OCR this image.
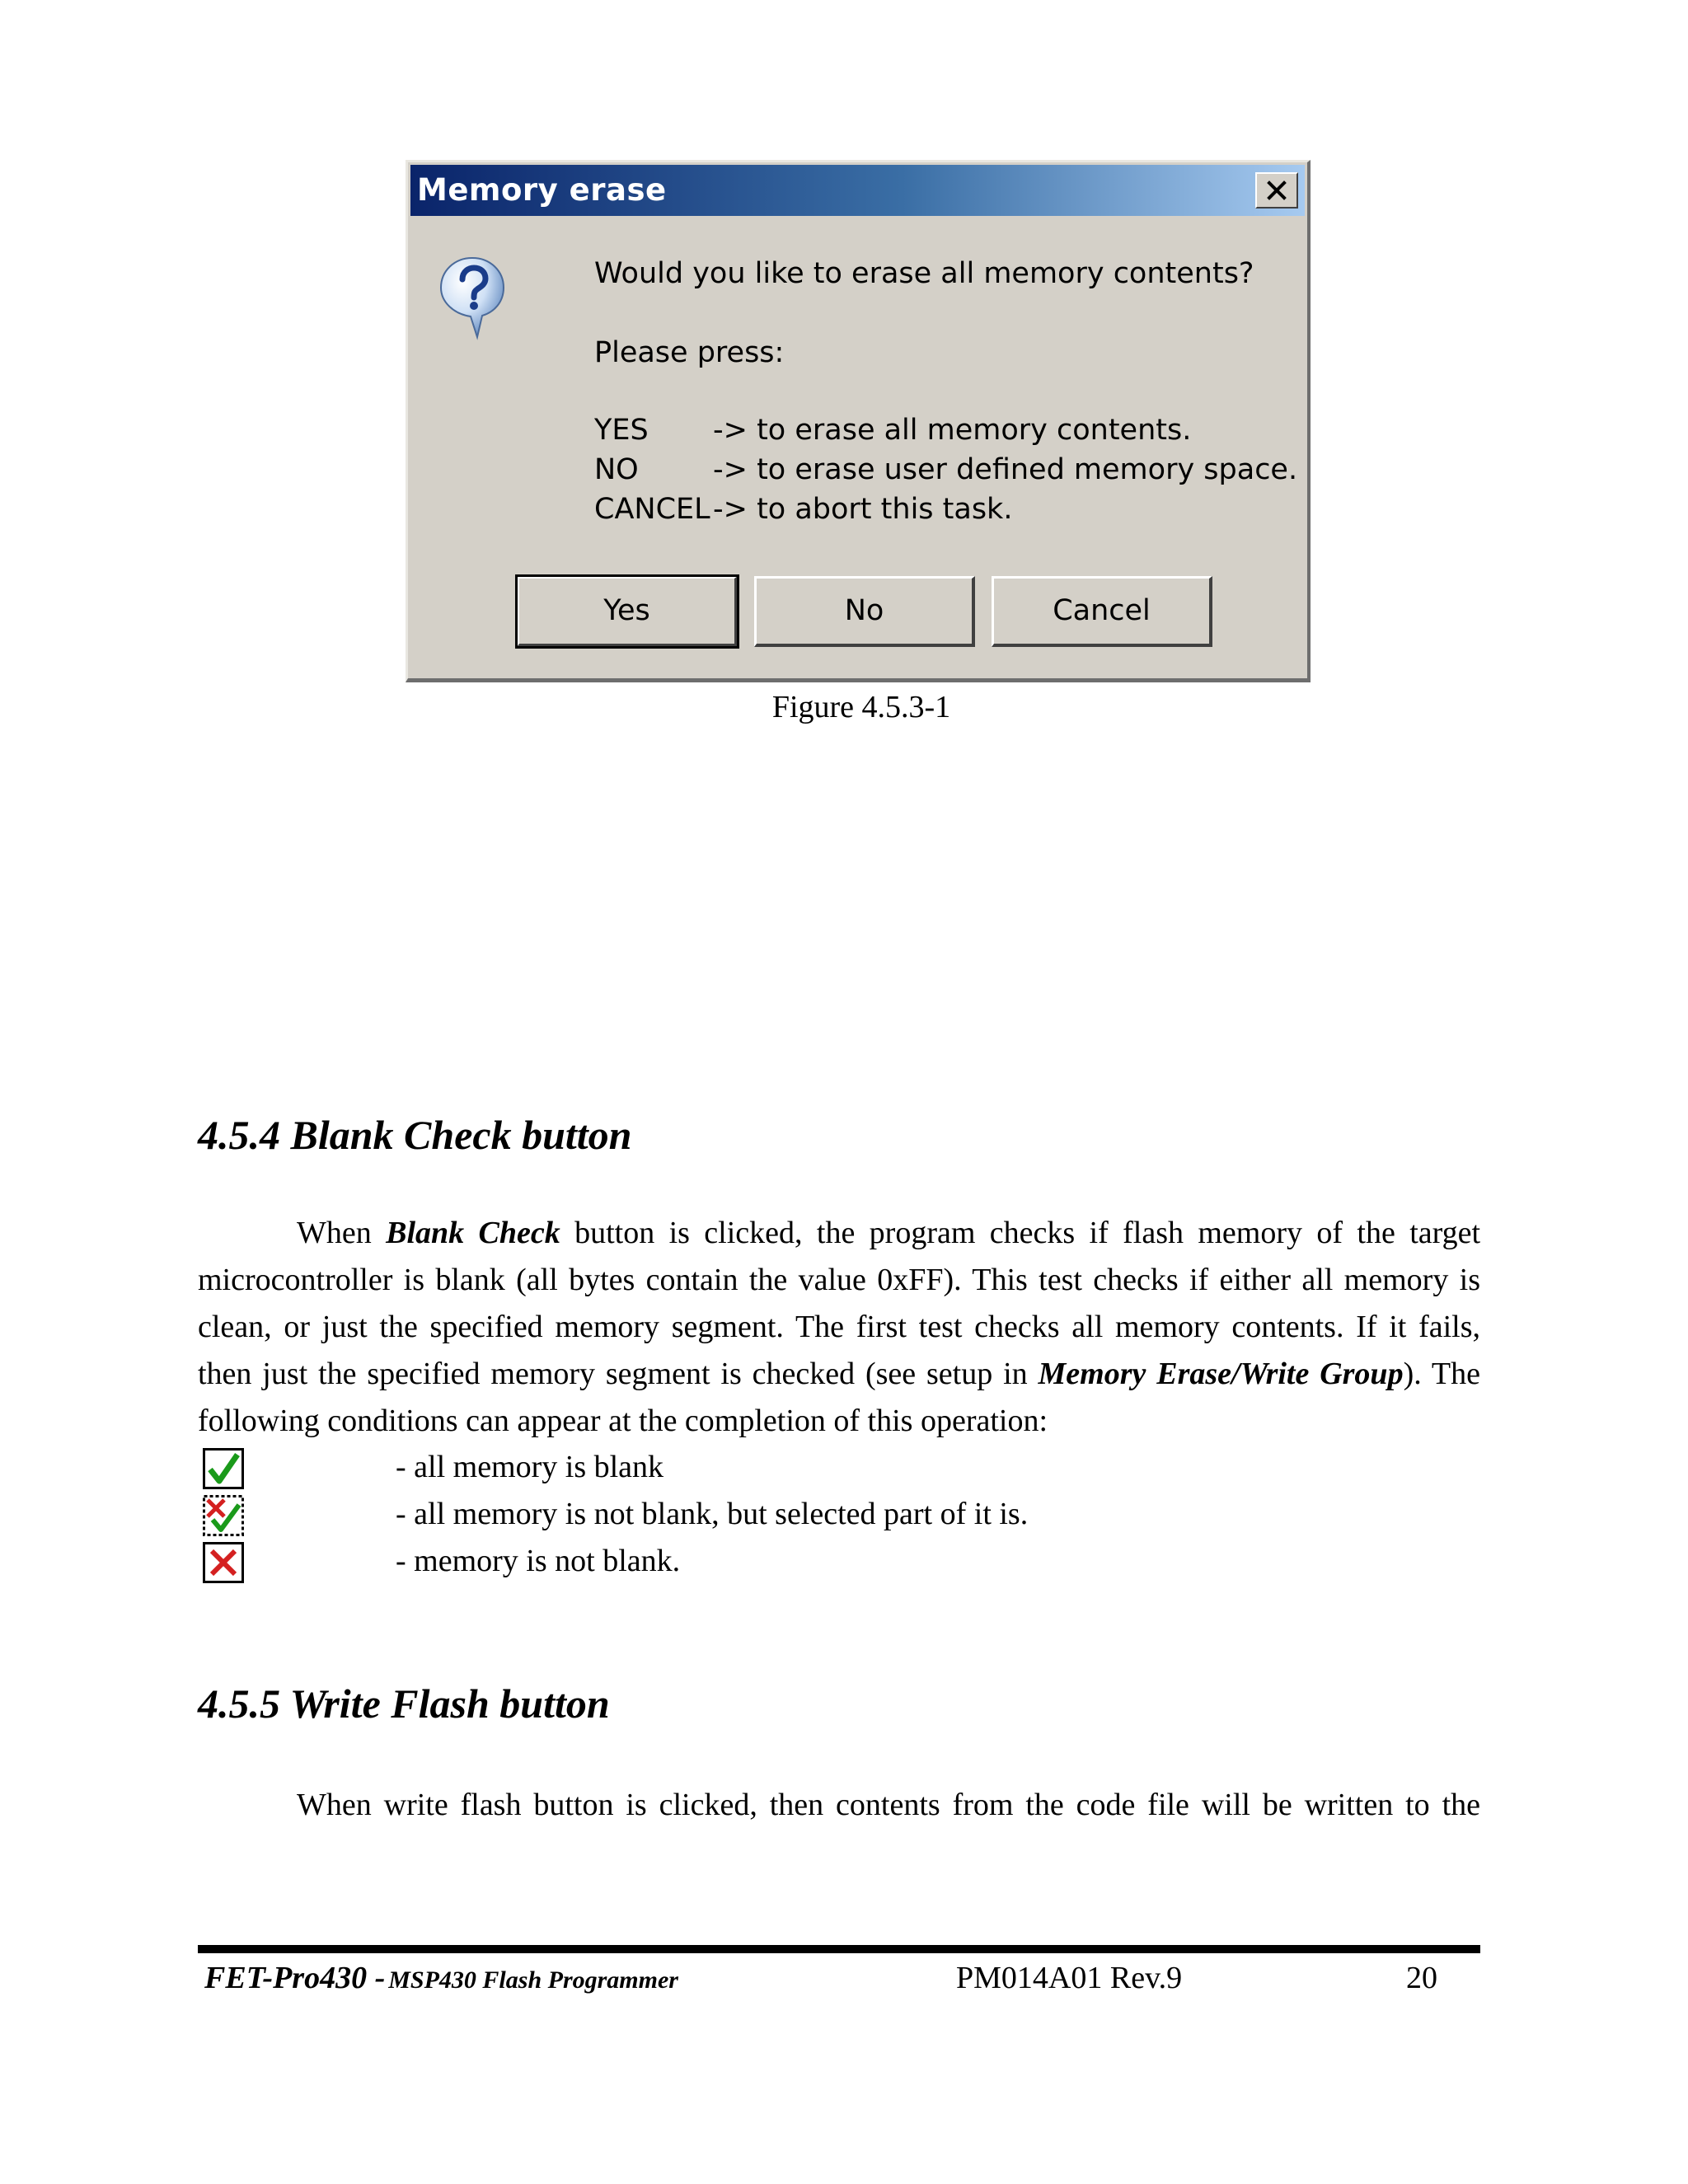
Memory erase
Would you like to erase all memory contents?
Please press:
YES -> to erase all memory contents.
NO	-> to erase user defined memory space.
CANCEL -> to abort this task.
Yes	No	Cancel
Figure 4.5.3-1
4.5.4 Blank Check button
When Blank Check button is clicked, the program checks if flash memory of the target
microcontroller is blank (all bytes contain the value 0xFF). This test checks if either all memory is
clean, or just the specified memory segment. The first test checks all memory contents. If it fails,
then just the specified memory segment is checked (see setup in Memory Erase/Write Group). The
following conditions can appear at the completion of this operation:
- all memory is blank
- all memory is not blank, but selected part of it is.
- memory is not blank.
4.5.5 Write Flash button
When write flash button is clicked, then contents from the code file will be written to the
FET-Pro430 - MSP430 Flash Programmer	PM014A01 Rev.9	20
